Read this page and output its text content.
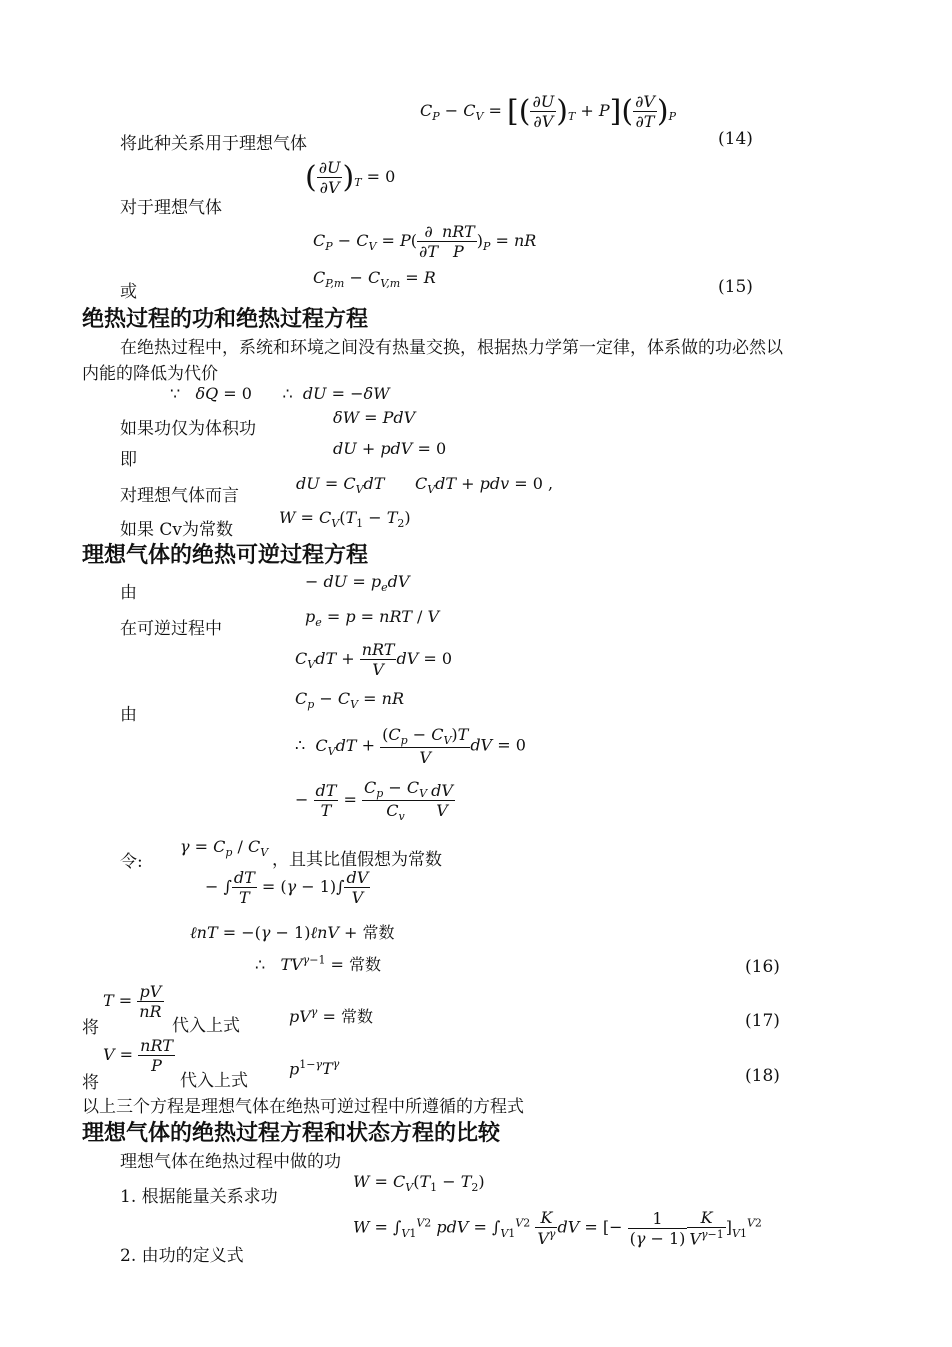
$C_P - C_V$ = [( $\frac{\partial U}{\partial V} )_T + P]( \frac{\partial V}{\partial T} )_P$
将此种关系用于理想气体	(14)
( $\frac{\partial U}{\partial V} )_T = 0$
对于理想气体
$C_P - C_V = P( \frac{\partial}{\partial T} \frac{\text{nRT}}{P} )_P$ = nR
$C_{P,m} - C_{V,m} = R$
或	(15)
绝热过程的功和绝热过程方程
在绝热过程中，系统和环境之间没有热量交换，根据热力学第一定律，体系做的功必然以
内能的降低为代价
∵   δQ = 0      ∴  dU = −δW
如果功仅为体积功
δW = PdV
即
dU + pdV = 0
对理想气体而言
dU = $C_VdT$ $C_VdT$ + pdv = 0 ,
如果 Cv为常数
$W = C_V(T_1 - T_2)$
理想气体的绝热可逆过程方程
由
− dU = $p_edV$
在可逆过程中
$p_e = p$ = nRT / V
$C_VdT + \frac{\text{nRT}}{V}$ dV = 0
$C_p - C_V$ = nR
由
∴  $C_VdT + \frac{(C_p - C_V)T}{V}$ dV = 0
− $\frac{dT}{T} = \frac{C_p - C_V}{C_v} \frac{dV}{V}$
令:
$\gamma = C_p / C_V$ ，且其比值假想为常数
− ∫ $\frac{dT}{T} = (\gamma - 1)\int \frac{dV}{V}$
ℓnT = −(γ − 1)ℓnV + 常数
∴   $TV^{\gamma-1}$ = 常数	(16)
$T = \frac{pV}{nR}$
将	代入上式	$pV^\gamma$ = 常数	(17)
$V = \frac{\text{nRT}}{P}$
将	代入上式
$p^{1-\gamma}T^\gamma$
(18)
以上三个方程是理想气体在绝热可逆过程中所遵循的方程式
理想气体的绝热过程方程和状态方程的比较
理想气体在绝热过程中做的功
1. 根据能量关系求功
$W = C_V(T_1 - T_2)$
$W = \int_{V1}^{V2}$ pdV = $\int_{V1}^{V2} \frac{K}{V^\gamma}$ dV = [− $\frac{1}{(\gamma - 1)} \frac{K}{V^{\gamma-1}} ]_{V1}^{V2}$
2. 由功的定义式
